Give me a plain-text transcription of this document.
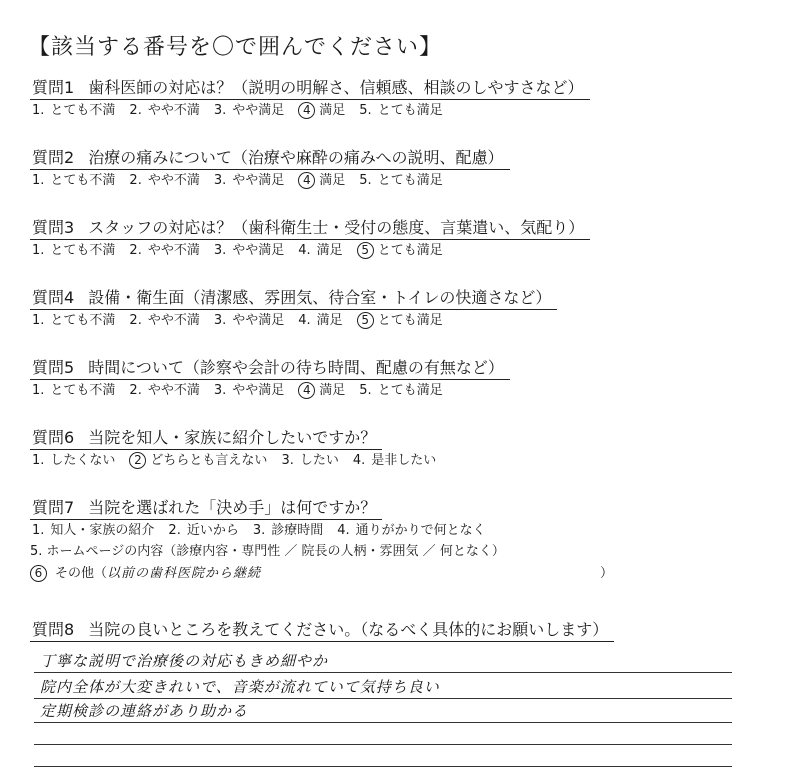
【該当する番号を〇で囲んでください】
質問1 歯科医師の対応は？（説明の明解さ、信頼感、相談のしやすさなど）
1. とても不満 2. やや不満 3. やや満足 4 満足 5. とても満足
質問2 治療の痛みについて（治療や麻酔の痛みへの説明、配慮）
1. とても不満 2. やや不満 3. やや満足 4 満足 5. とても満足
質問3 スタッフの対応は？（歯科衛生士・受付の態度、言葉遣い、気配り）
1. とても不満 2. やや不満 3. やや満足 4. 満足 5 とても満足
質問4 設備・衛生面（清潔感、雰囲気、待合室・トイレの快適さなど）
1. とても不満 2. やや不満 3. やや満足 4. 満足 5 とても満足
質問5 時間について（診察や会計の待ち時間、配慮の有無など）
1. とても不満 2. やや不満 3. やや満足 4 満足 5. とても満足
質問6 当院を知人・家族に紹介したいですか？
1. したくない 2 どちらとも言えない 3. したい 4. 是非したい
質問7 当院を選ばれた「決め手」は何ですか？
1. 知人・家族の紹介 2. 近いから 3. 診療時間 4. 通りがかりで何となく
5. ホームページの内容（診療内容・専門性 ／ 院長の人柄・雰囲気 ／ 何となく）
6 その他（以前の歯科医院から継続	）
質問8 当院の良いところを教えてください。（なるべく具体的にお願いします）
丁寧な説明で治療後の対応もきめ細やか
院内全体が大変きれいで、音楽が流れていて気持ち良い
定期検診の連絡があり助かる
